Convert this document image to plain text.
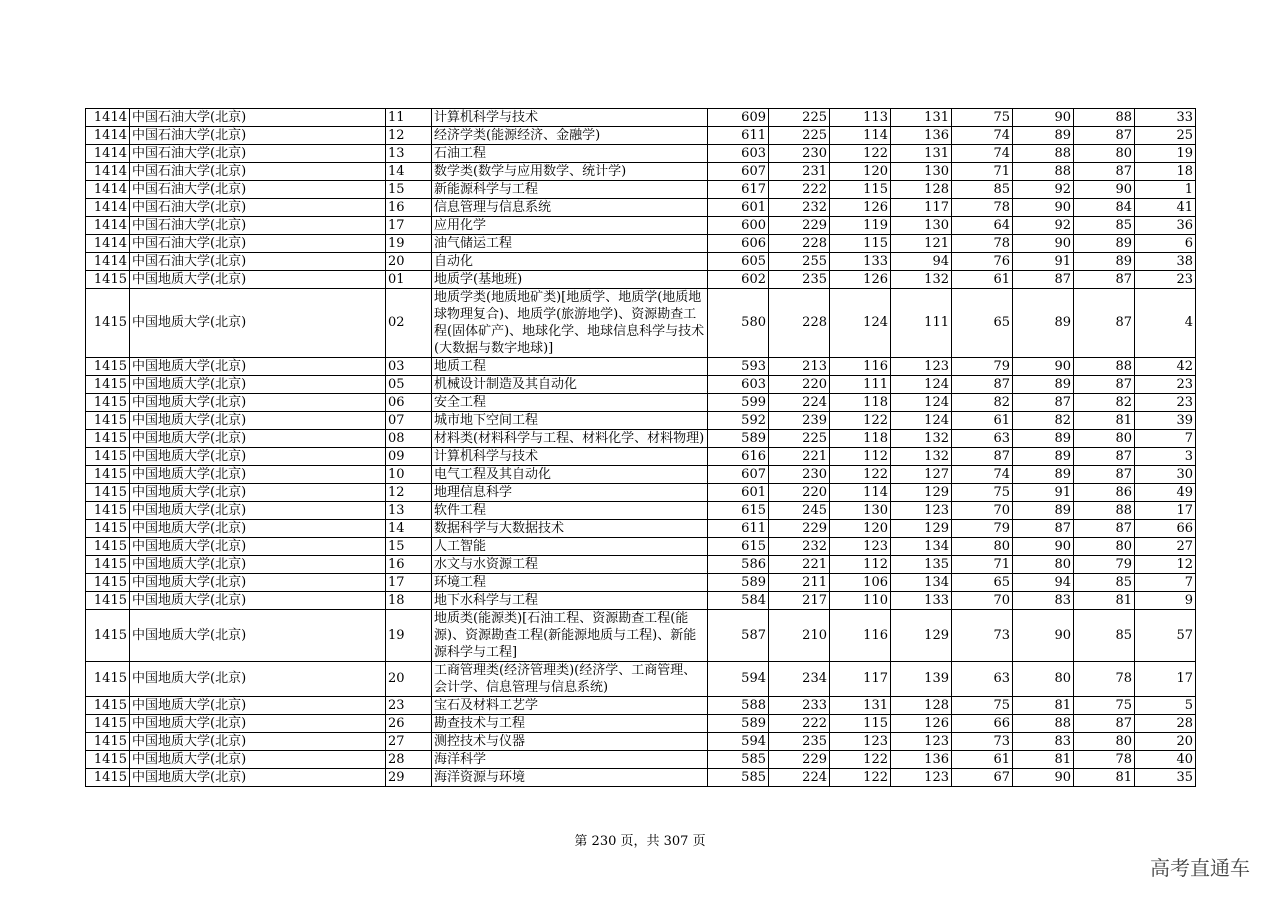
1414	中国石油大学(北京)	11	计算机科学与技术	609	225	113	131	75	90	88	33
1414	中国石油大学(北京)	12	经济学类(能源经济、金融学)	611	225	114	136	74	89	87	25
1414	中国石油大学(北京)	13	石油工程	603	230	122	131	74	88	80	19
1414	中国石油大学(北京)	14	数学类(数学与应用数学、统计学)	607	231	120	130	71	88	87	18
1414	中国石油大学(北京)	15	新能源科学与工程	617	222	115	128	85	92	90	1
1414	中国石油大学(北京)	16	信息管理与信息系统	601	232	126	117	78	90	84	41
1414	中国石油大学(北京)	17	应用化学	600	229	119	130	64	92	85	36
1414	中国石油大学(北京)	19	油气储运工程	606	228	115	121	78	90	89	6
1414	中国石油大学(北京)	20	自动化	605	255	133	94	76	91	89	38
1415	中国地质大学(北京)	01	地质学(基地班)	602	235	126	132	61	87	87	23
1415	中国地质大学(北京)	02	地质学类(地质地矿类)[地质学、地质学(地质地球物理复合)、地质学(旅游地学)、资源勘查工程(固体矿产)、地球化学、地球信息科学与技术(大数据与数字地球)]	580	228	124	111	65	89	87	4
1415	中国地质大学(北京)	03	地质工程	593	213	116	123	79	90	88	42
1415	中国地质大学(北京)	05	机械设计制造及其自动化	603	220	111	124	87	89	87	23
1415	中国地质大学(北京)	06	安全工程	599	224	118	124	82	87	82	23
1415	中国地质大学(北京)	07	城市地下空间工程	592	239	122	124	61	82	81	39
1415	中国地质大学(北京)	08	材料类(材料科学与工程、材料化学、材料物理)	589	225	118	132	63	89	80	7
1415	中国地质大学(北京)	09	计算机科学与技术	616	221	112	132	87	89	87	3
1415	中国地质大学(北京)	10	电气工程及其自动化	607	230	122	127	74	89	87	30
1415	中国地质大学(北京)	12	地理信息科学	601	220	114	129	75	91	86	49
1415	中国地质大学(北京)	13	软件工程	615	245	130	123	70	89	88	17
1415	中国地质大学(北京)	14	数据科学与大数据技术	611	229	120	129	79	87	87	66
1415	中国地质大学(北京)	15	人工智能	615	232	123	134	80	90	80	27
1415	中国地质大学(北京)	16	水文与水资源工程	586	221	112	135	71	80	79	12
1415	中国地质大学(北京)	17	环境工程	589	211	106	134	65	94	85	7
1415	中国地质大学(北京)	18	地下水科学与工程	584	217	110	133	70	83	81	9
1415	中国地质大学(北京)	19	地质类(能源类)[石油工程、资源勘查工程(能源)、资源勘查工程(新能源地质与工程)、新能源科学与工程]	587	210	116	129	73	90	85	57
1415	中国地质大学(北京)	20	工商管理类(经济管理类)(经济学、工商管理、会计学、信息管理与信息系统)	594	234	117	139	63	80	78	17
1415	中国地质大学(北京)	23	宝石及材料工艺学	588	233	131	128	75	81	75	5
1415	中国地质大学(北京)	26	勘查技术与工程	589	222	115	126	66	88	87	28
1415	中国地质大学(北京)	27	测控技术与仪器	594	235	123	123	73	83	80	20
1415	中国地质大学(北京)	28	海洋科学	585	229	122	136	61	81	78	40
1415	中国地质大学(北京)	29	海洋资源与环境	585	224	122	123	67	90	81	35
第 230 页，共 307 页
高考直通车
